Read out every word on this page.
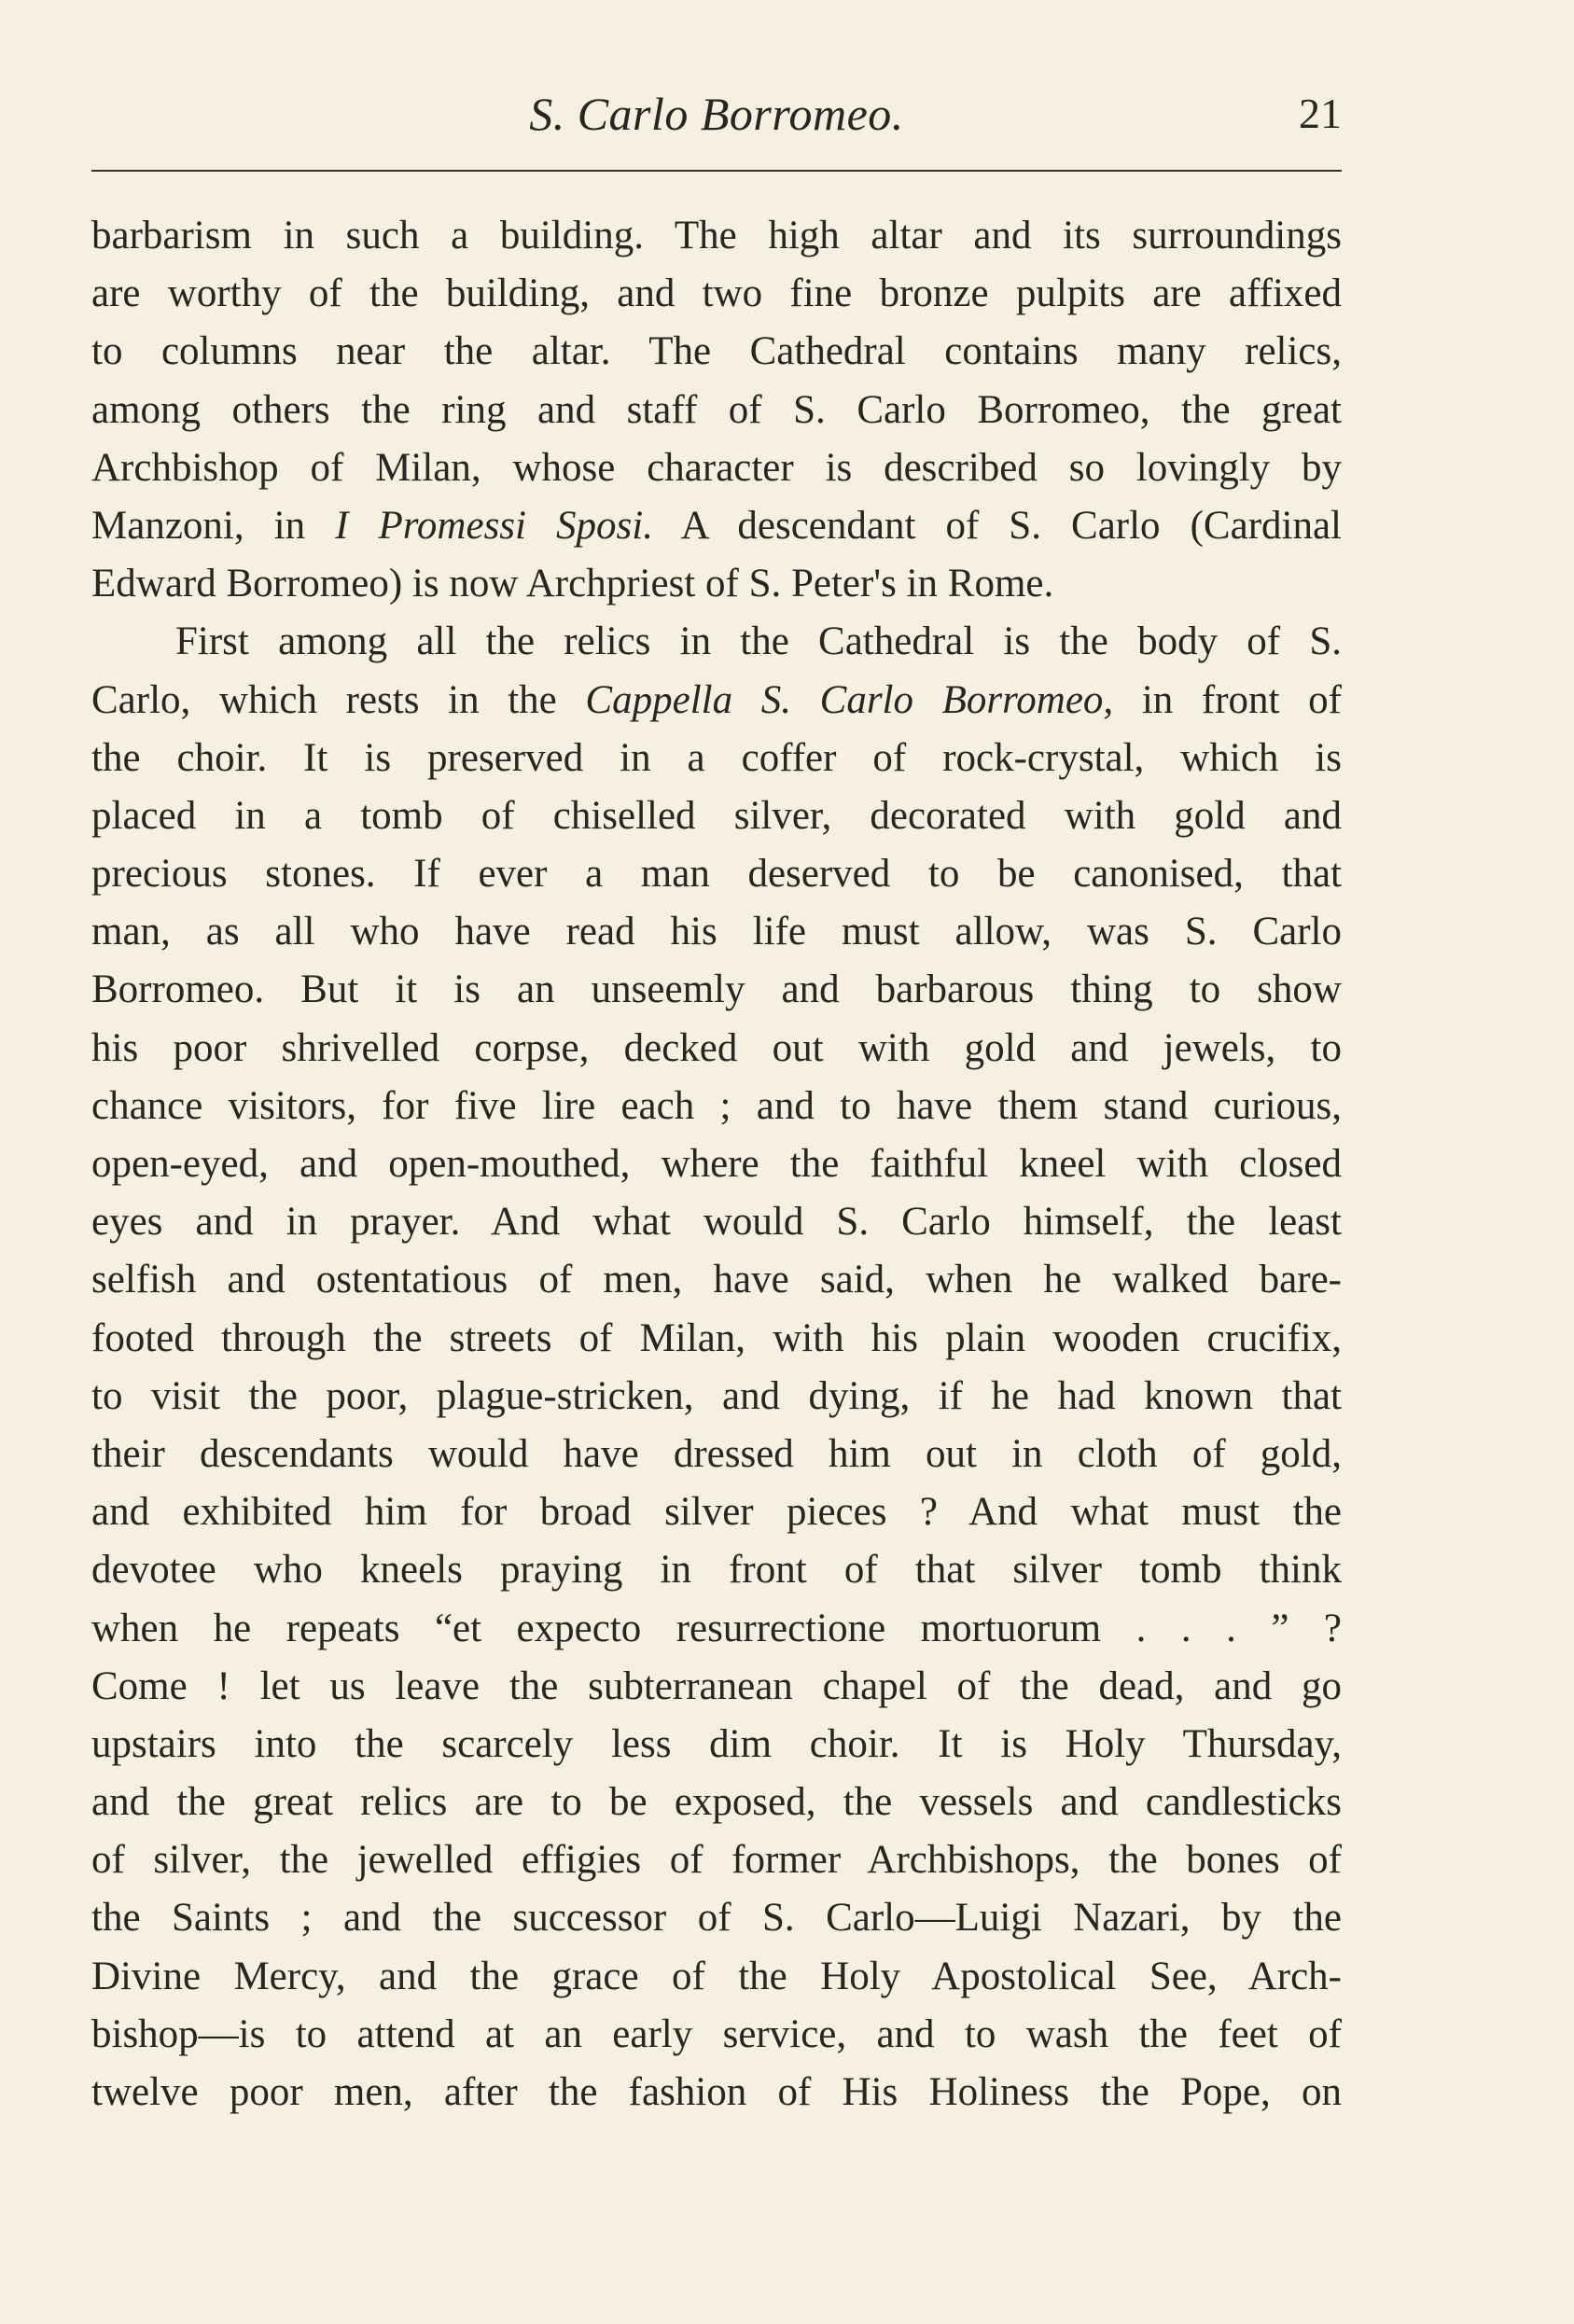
S. Carlo Borromeo.	21
barbarism in such a building. The high altar and its surroundings
are worthy of the building, and two fine bronze pulpits are affixed
to columns near the altar. The Cathedral contains many relics,
among others the ring and staff of S. Carlo Borromeo, the great
Archbishop of Milan, whose character is described so lovingly by
Manzoni, in I Promessi Sposi. A descendant of S. Carlo (Cardinal
Edward Borromeo) is now Archpriest of S. Peter's in Rome.
First among all the relics in the Cathedral is the body of S.
Carlo, which rests in the Cappella S. Carlo Borromeo, in front of
the choir. It is preserved in a coffer of rock-crystal, which is
placed in a tomb of chiselled silver, decorated with gold and
precious stones. If ever a man deserved to be canonised, that
man, as all who have read his life must allow, was S. Carlo
Borromeo. But it is an unseemly and barbarous thing to show
his poor shrivelled corpse, decked out with gold and jewels, to
chance visitors, for five lire each ; and to have them stand curious,
open-eyed, and open-mouthed, where the faithful kneel with closed
eyes and in prayer. And what would S. Carlo himself, the least
selfish and ostentatious of men, have said, when he walked bare-
footed through the streets of Milan, with his plain wooden crucifix,
to visit the poor, plague-stricken, and dying, if he had known that
their descendants would have dressed him out in cloth of gold,
and exhibited him for broad silver pieces ? And what must the
devotee who kneels praying in front of that silver tomb think
when he repeats “et expecto resurrectione mortuorum . . . ” ?
Come ! let us leave the subterranean chapel of the dead, and go
upstairs into the scarcely less dim choir. It is Holy Thursday,
and the great relics are to be exposed, the vessels and candlesticks
of silver, the jewelled effigies of former Archbishops, the bones of
the Saints ; and the successor of S. Carlo—Luigi Nazari, by the
Divine Mercy, and the grace of the Holy Apostolical See, Arch-
bishop—is to attend at an early service, and to wash the feet of
twelve poor men, after the fashion of His Holiness the Pope, on
